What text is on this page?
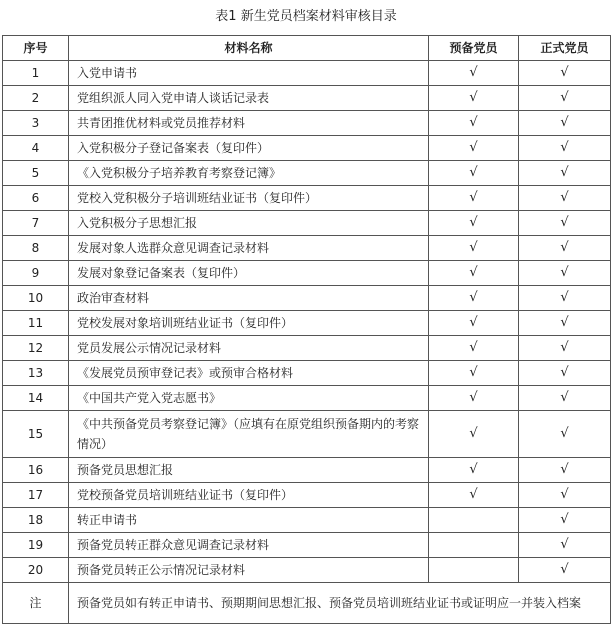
表1 新生党员档案材料审核目录
序号	材料名称	预备党员	正式党员
1	入党申请书	√	√
2	党组织派人同入党申请人谈话记录表	√	√
3	共青团推优材料或党员推荐材料	√	√
4	入党积极分子登记备案表（复印件）	√	√
5	《入党积极分子培养教育考察登记簿》	√	√
6	党校入党积极分子培训班结业证书（复印件）	√	√
7	入党积极分子思想汇报	√	√
8	发展对象人选群众意见调查记录材料	√	√
9	发展对象登记备案表（复印件）	√	√
10	政治审查材料	√	√
11	党校发展对象培训班结业证书（复印件）	√	√
12	党员发展公示情况记录材料	√	√
13	《发展党员预审登记表》或预审合格材料	√	√
14	《中国共产党入党志愿书》	√	√
15	《中共预备党员考察登记簿》（应填有在原党组织预备期内的考察情况）	√	√
16	预备党员思想汇报	√	√
17	党校预备党员培训班结业证书（复印件）	√	√
18	转正申请书		√
19	预备党员转正群众意见调查记录材料		√
20	预备党员转正公示情况记录材料		√
注	预备党员如有转正申请书、预期期间思想汇报、预备党员培训班结业证书或证明应一并装入档案		
